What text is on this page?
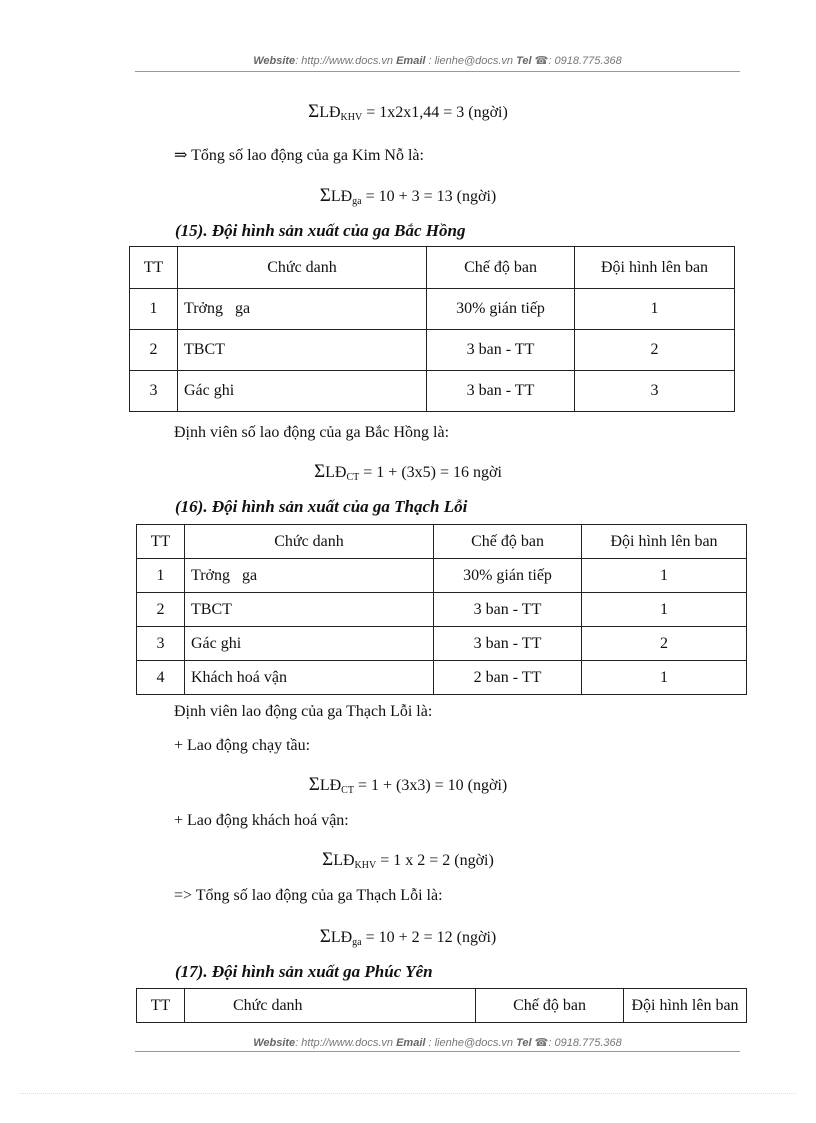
Website: http://www.docs.vn Email : lienhe@docs.vn Tel ☎: 0918.775.368
ΣLĐKHV = 1x2x1,44 = 3 (ngời)
⇒ Tổng số lao động của ga Kim Nỗ là:
ΣLĐga = 10 + 3 = 13 (ngời)
(15). Đội hình sản xuất của ga Bắc Hồng
TT	Chức danh	Chế độ ban	Đội hình lên ban
1	Trởng   ga	30% gián tiếp	1
2	TBCT	3 ban - TT	2
3	Gác ghi	3 ban - TT	3
Định viên số lao động của ga Bắc Hồng là:
ΣLĐCT = 1 + (3x5) = 16 ngời
(16). Đội hình sản xuất của ga Thạch Lỗi
TT	Chức danh	Chế độ ban	Đội hình lên ban
1	Trởng   ga	30% gián tiếp	1
2	TBCT	3 ban - TT	1
3	Gác ghi	3 ban - TT	2
4	Khách hoá vận	2 ban - TT	1
Định viên lao động của ga Thạch Lỗi là:
+ Lao động chạy tầu:
ΣLĐCT = 1 + (3x3) = 10 (ngời)
+ Lao động khách hoá vận:
ΣLĐKHV = 1 x 2 = 2 (ngời)
=> Tổng số lao động của ga Thạch Lỗi là:
ΣLĐga = 10 + 2 = 12 (ngời)
(17). Đội hình sản xuất ga Phúc Yên
TT	Chức danh	Chế độ ban	Đội hình lên ban
Website: http://www.docs.vn Email : lienhe@docs.vn Tel ☎: 0918.775.368
